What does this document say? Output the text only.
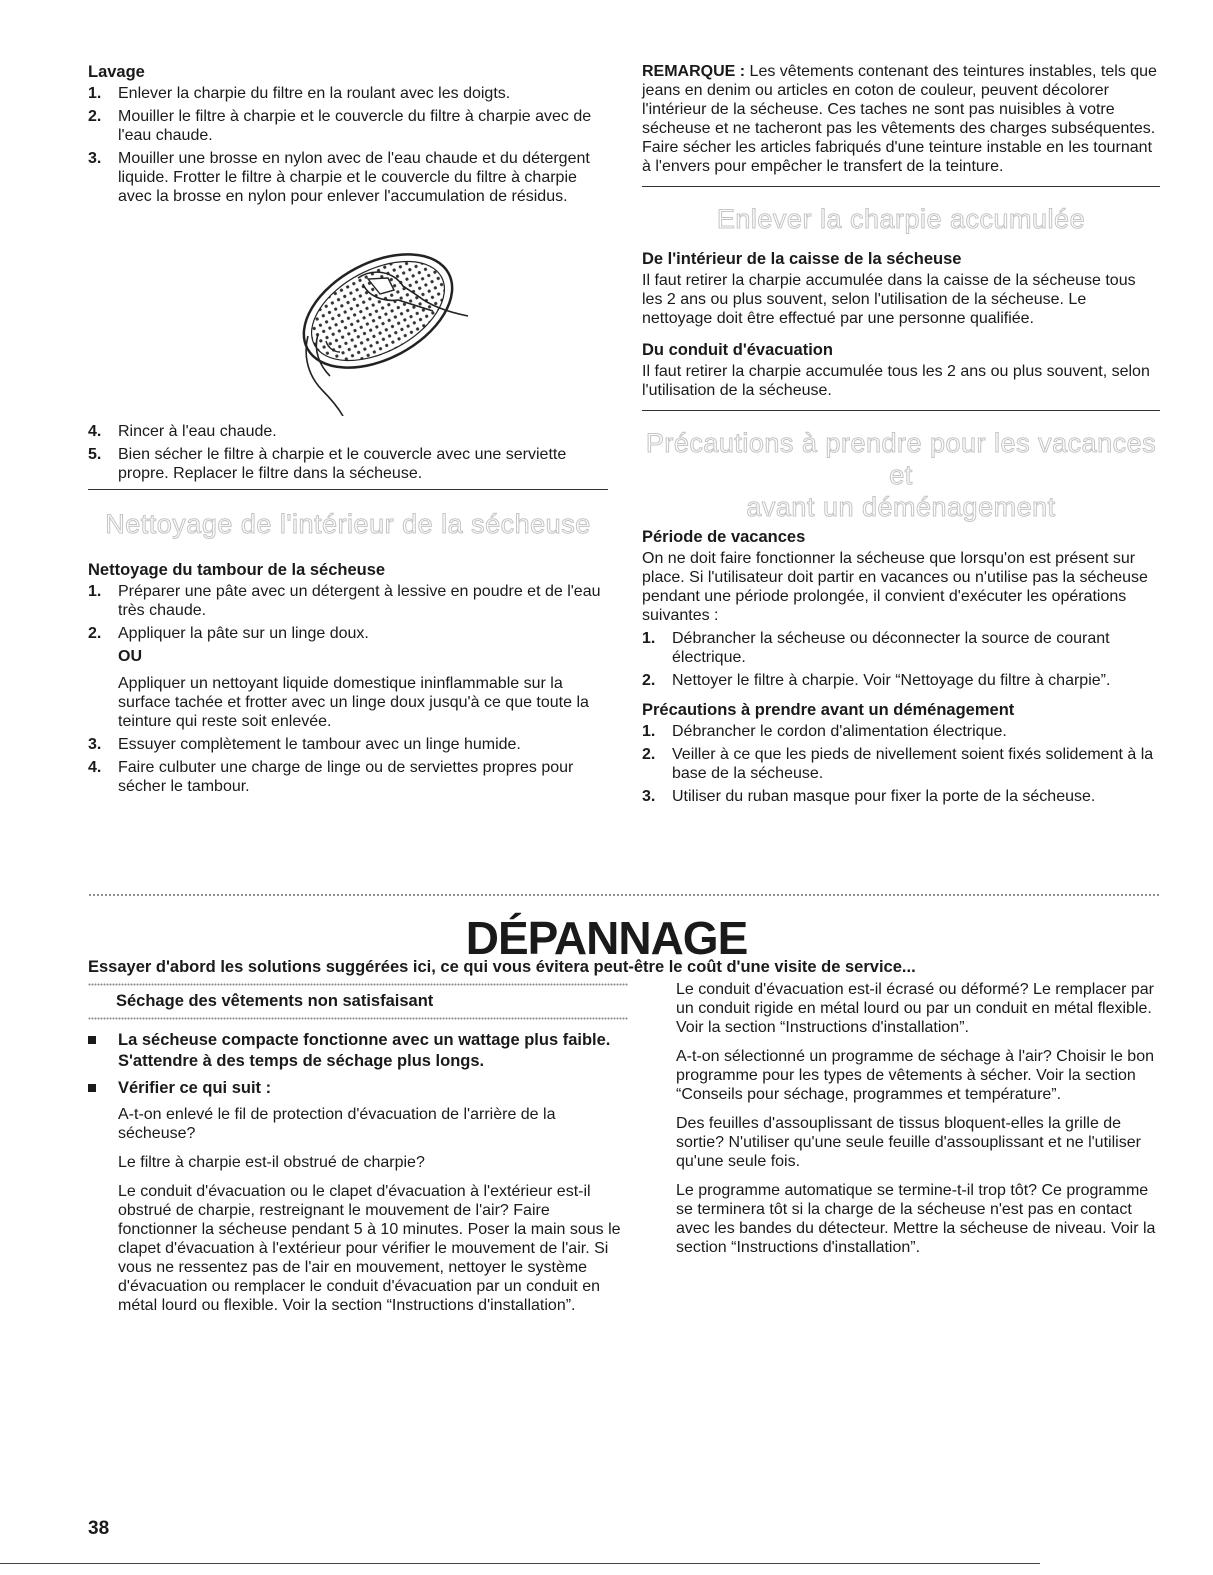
Lavage
1. Enlever la charpie du filtre en la roulant avec les doigts.
2. Mouiller le filtre à charpie et le couvercle du filtre à charpie avec de l'eau chaude.
3. Mouiller une brosse en nylon avec de l'eau chaude et du détergent liquide. Frotter le filtre à charpie et le couvercle du filtre à charpie avec la brosse en nylon pour enlever l'accumulation de résidus.
4. Rincer à l'eau chaude.
5. Bien sécher le filtre à charpie et le couvercle avec une serviette propre. Replacer le filtre dans la sécheuse.
Nettoyage de l'intérieur de la sécheuse
Nettoyage du tambour de la sécheuse
1. Préparer une pâte avec un détergent à lessive en poudre et de l'eau très chaude.
2. Appliquer la pâte sur un linge doux.
OU
Appliquer un nettoyant liquide domestique ininflammable sur la surface tachée et frotter avec un linge doux jusqu'à ce que toute la teinture qui reste soit enlevée.
3. Essuyer complètement le tambour avec un linge humide.
4. Faire culbuter une charge de linge ou de serviettes propres pour sécher le tambour.

REMARQUE : Les vêtements contenant des teintures instables, tels que jeans en denim ou articles en coton de couleur, peuvent décolorer l'intérieur de la sécheuse. Ces taches ne sont pas nuisibles à votre sécheuse et ne tacheront pas les vêtements des charges subséquentes. Faire sécher les articles fabriqués d'une teinture instable en les tournant à l'envers pour empêcher le transfert de la teinture.

Enlever la charpie accumulée
De l'intérieur de la caisse de la sécheuse

Il faut retirer la charpie accumulée dans la caisse de la sécheuse tous les 2 ans ou plus souvent, selon l'utilisation de la sécheuse. Le nettoyage doit être effectué par une personne qualifiée.

Du conduit d'évacuation

Il faut retirer la charpie accumulée tous les 2 ans ou plus souvent, selon l'utilisation de la sécheuse.

Précautions à prendre pour les vacances et
avant un déménagement
Période de vacances

On ne doit faire fonctionner la sécheuse que lorsqu'on est présent sur place. Si l'utilisateur doit partir en vacances ou n'utilise pas la sécheuse pendant une période prolongée, il convient d'exécuter les opérations suivantes :

1. Débrancher la sécheuse ou déconnecter la source de courant électrique.
2. Nettoyer le filtre à charpie. Voir “Nettoyage du filtre à charpie”.
Précautions à prendre avant un déménagement
1. Débrancher le cordon d'alimentation électrique.
2. Veiller à ce que les pieds de nivellement soient fixés solidement à la base de la sécheuse.
3. Utiliser du ruban masque pour fixer la porte de la sécheuse.
DÉPANNAGE
Essayer d'abord les solutions suggérées ici, ce qui vous évitera peut-être le coût d'une visite de service...
Séchage des vêtements non satisfaisant
La sécheuse compacte fonctionne avec un wattage plus faible. S'attendre à des temps de séchage plus longs.
Vérifier ce qui suit :

A-t-on enlevé le fil de protection d'évacuation de l'arrière de la sécheuse?

Le filtre à charpie est-il obstrué de charpie?

Le conduit d'évacuation ou le clapet d'évacuation à l'extérieur est-il obstrué de charpie, restreignant le mouvement de l'air? Faire fonctionner la sécheuse pendant 5 à 10 minutes. Poser la main sous le clapet d'évacuation à l'extérieur pour vérifier le mouvement de l'air. Si vous ne ressentez pas de l'air en mouvement, nettoyer le système d'évacuation ou remplacer le conduit d'évacuation par un conduit en métal lourd ou flexible. Voir la section “Instructions d'installation”.

Le conduit d'évacuation est-il écrasé ou déformé? Le remplacer par un conduit rigide en métal lourd ou par un conduit en métal flexible. Voir la section “Instructions d'installation”.

A-t-on sélectionné un programme de séchage à l'air? Choisir le bon programme pour les types de vêtements à sécher. Voir la section “Conseils pour séchage, programmes et température”.

Des feuilles d'assouplissant de tissus bloquent-elles la grille de sortie? N'utiliser qu'une seule feuille d'assouplissant et ne l'utiliser qu'une seule fois.

Le programme automatique se termine-t-il trop tôt? Ce programme se terminera tôt si la charge de la sécheuse n'est pas en contact avec les bandes du détecteur. Mettre la sécheuse de niveau. Voir la section “Instructions d'installation”.

38
